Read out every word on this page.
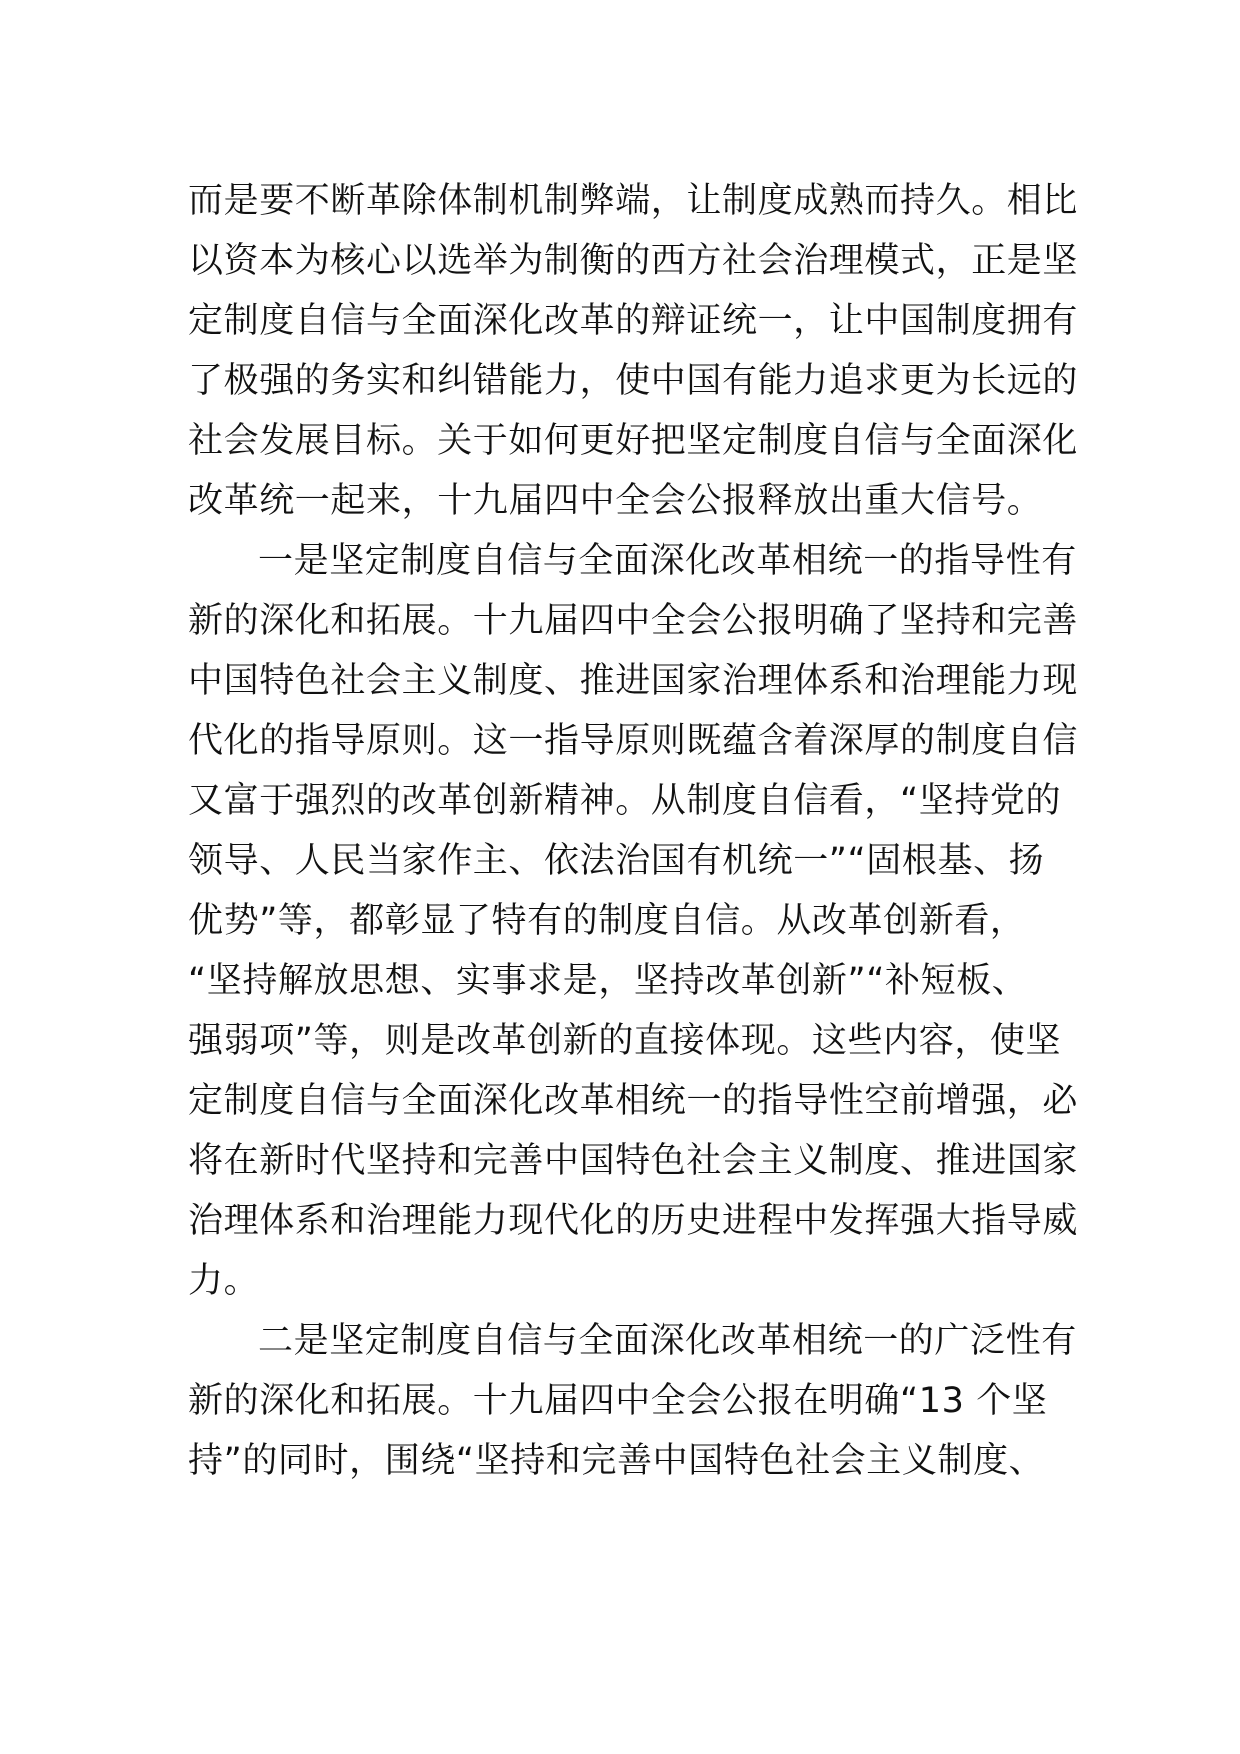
而是要不断革除体制机制弊端，让制度成熟而持久。相比
以资本为核心以选举为制衡的西方社会治理模式，正是坚
定制度自信与全面深化改革的辩证统一，让中国制度拥有
了极强的务实和纠错能力，使中国有能力追求更为长远的
社会发展目标。关于如何更好把坚定制度自信与全面深化
改革统一起来，十九届四中全会公报释放出重大信号。
一是坚定制度自信与全面深化改革相统一的指导性有
新的深化和拓展。十九届四中全会公报明确了坚持和完善
中国特色社会主义制度、推进国家治理体系和治理能力现
代化的指导原则。这一指导原则既蕴含着深厚的制度自信
又富于强烈的改革创新精神。从制度自信看，“坚持党的
领导、人民当家作主、依法治国有机统一”“固根基、扬
优势”等，都彰显了特有的制度自信。从改革创新看，
“坚持解放思想、实事求是，坚持改革创新”“补短板、
强弱项”等，则是改革创新的直接体现。这些内容，使坚
定制度自信与全面深化改革相统一的指导性空前增强，必
将在新时代坚持和完善中国特色社会主义制度、推进国家
治理体系和治理能力现代化的历史进程中发挥强大指导威
力。
二是坚定制度自信与全面深化改革相统一的广泛性有
新的深化和拓展。十九届四中全会公报在明确“13 个坚
持”的同时，围绕“坚持和完善中国特色社会主义制度、
